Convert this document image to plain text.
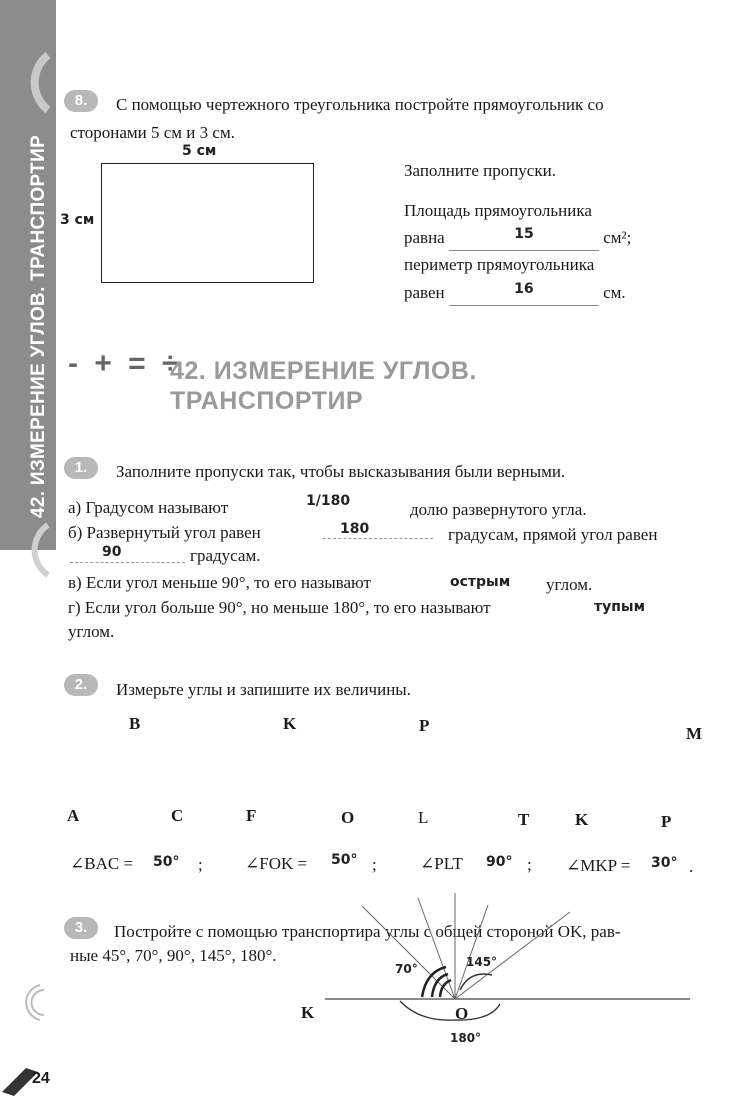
42. ИЗМЕРЕНИЕ УГЛОВ. ТРАНСПОРТИР
8.	С помощью чертежного треугольника постройте прямоугольник со
сторонами 5 см и 3 см.
5 см
3 см
Заполните пропуски.
Площадь прямоугольника
равна	$^{15}$	см²;
периметр прямоугольника
равен	$^{16}$	см.
- + = ÷
42. ИЗМЕРЕНИЕ УГЛОВ.
ТРАНСПОРТИР
1.	Заполните пропуски так, чтобы высказывания были верными.
а) Градусом называют	1/180	долю развернутого угла.
б) Развернутый угол равен	180	градусам, прямой угол равен
90	градусам.
в) Если угол меньше 90°, то его называют	острым углом.
г) Если угол больше 90°, но меньше 180°, то его называют	тупым
углом.
2.	Измерьте углы и запишите их величины.
B	K	P	M
A	C	F	O	L	T	K	P
∠BAC = 50° ; ∠FOK = 50° ;	∠PLT 90° ; ∠MKP = 30° .
3.	Постройте с помощью транспортира углы с общей стороной OK, рав-
ные 45°, 70°, 90°, 145°, 180°.
K	O
70°	145°
180°
24
